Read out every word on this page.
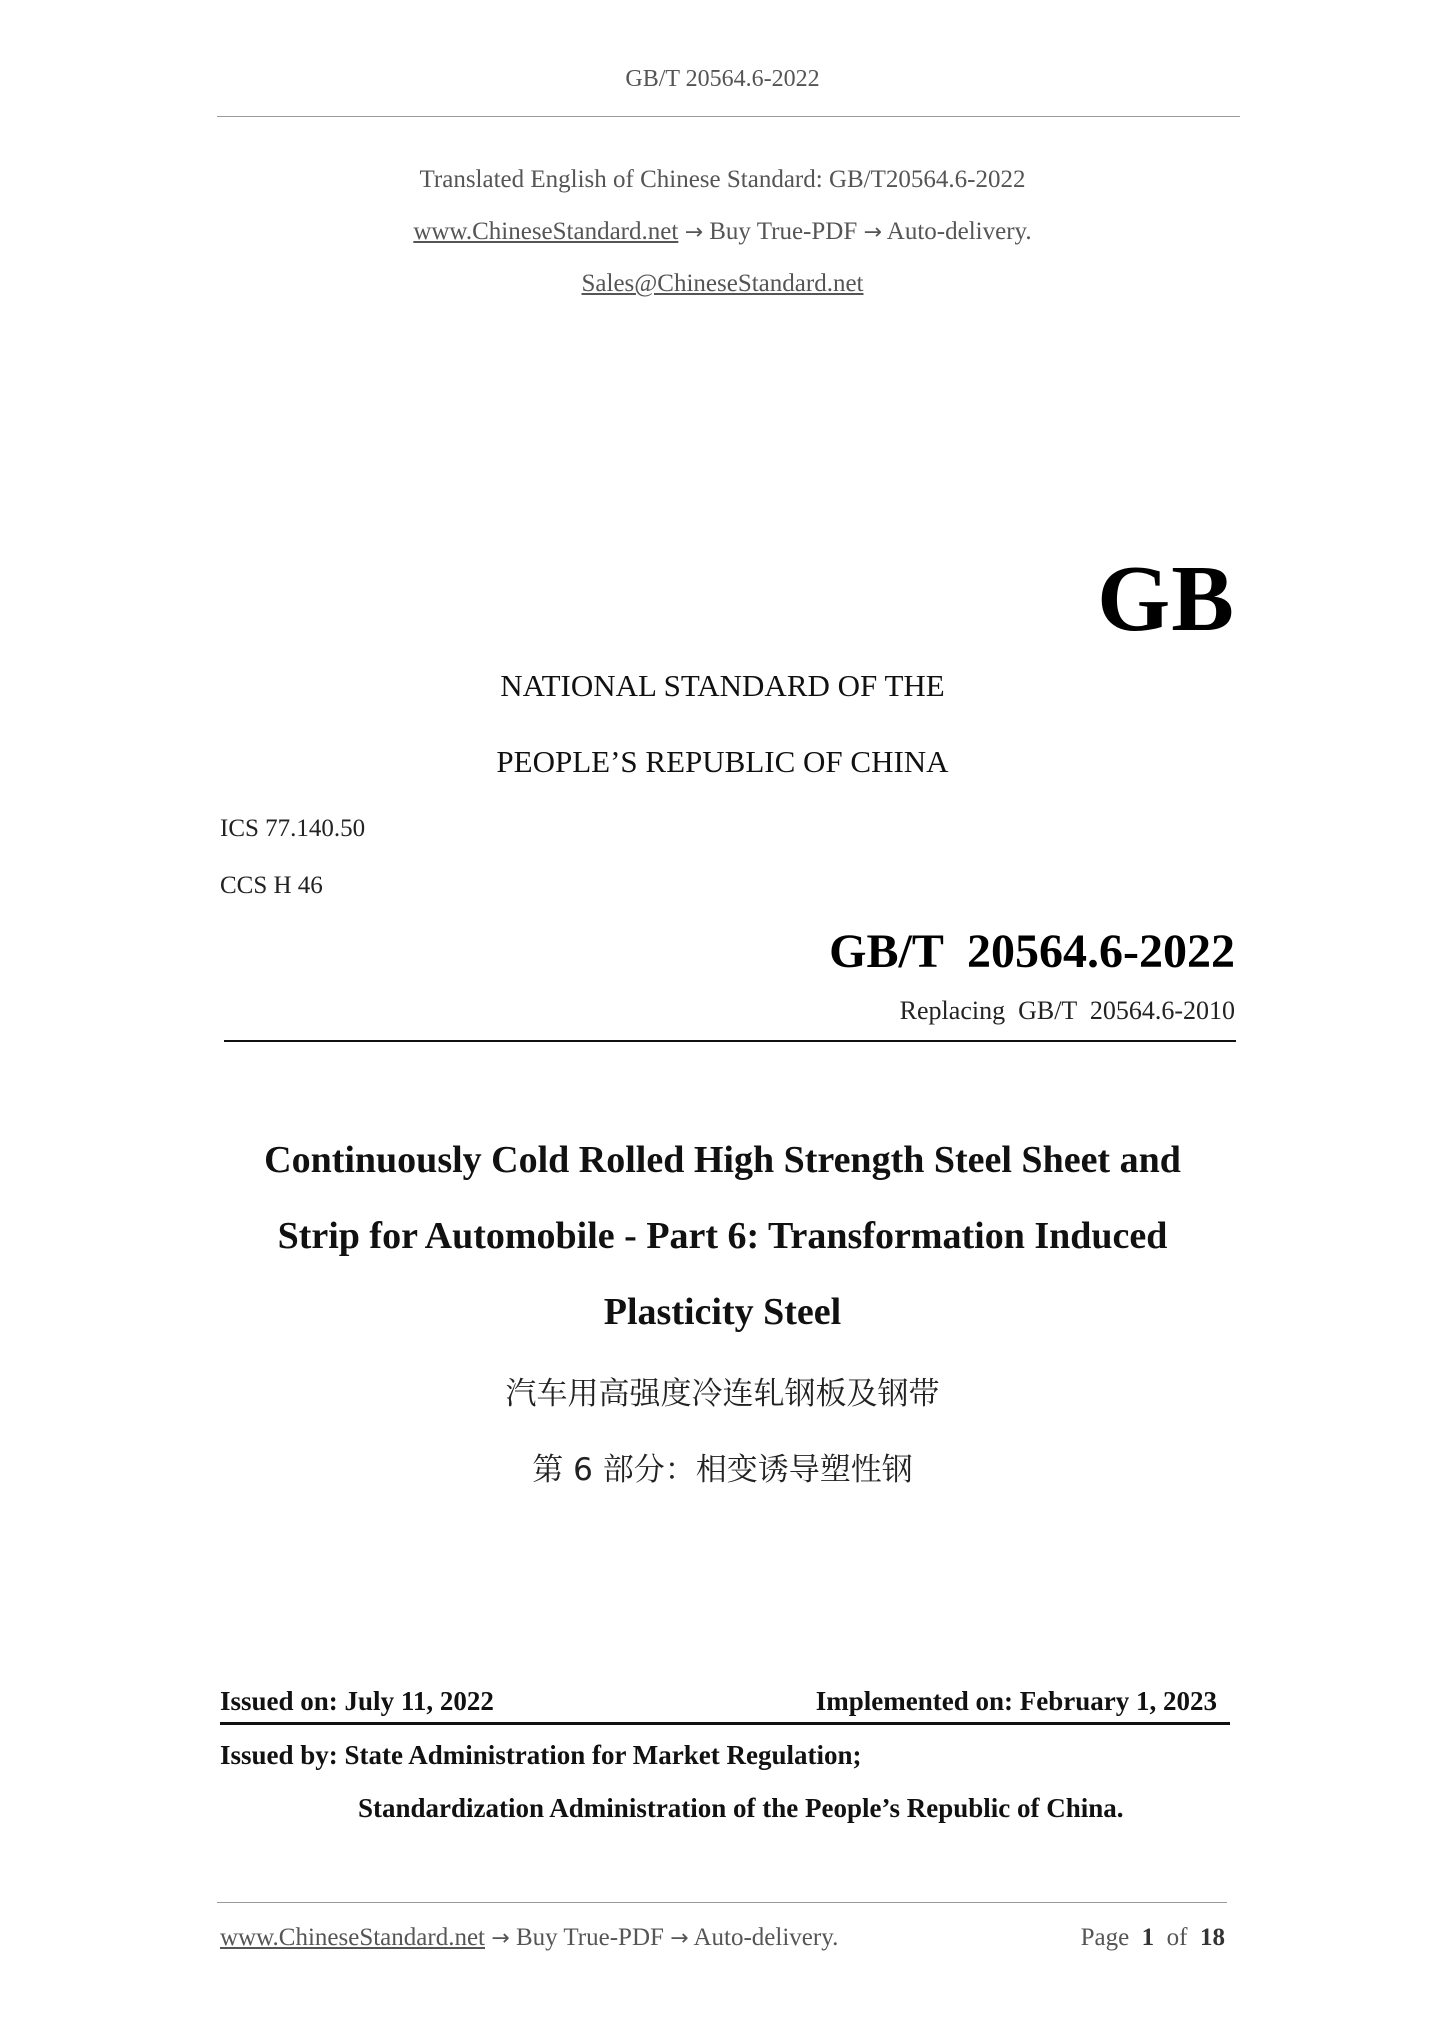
GB/T 20564.6-2022
Translated English of Chinese Standard: GB/T20564.6-2022
www.ChineseStandard.net → Buy True-PDF → Auto-delivery.
Sales@ChineseStandard.net
GB
NATIONAL STANDARD OF THE
PEOPLE’S REPUBLIC OF CHINA
ICS 77.140.50
CCS H 46
GB/T  20564.6-2022
Replacing  GB/T  20564.6-2010
Continuously Cold Rolled High Strength Steel Sheet and
Strip for Automobile - Part 6: Transformation Induced
Plasticity Steel
汽车用高强度冷连轧钢板及钢带
第 6 部分：相变诱导塑性钢
Issued on: July 11, 2022	Implemented on: February 1, 2023
Issued by: State Administration for Market Regulation;
Standardization Administration of the People’s Republic of China.
www.ChineseStandard.net → Buy True-PDF → Auto-delivery.	Page 1 of 18
